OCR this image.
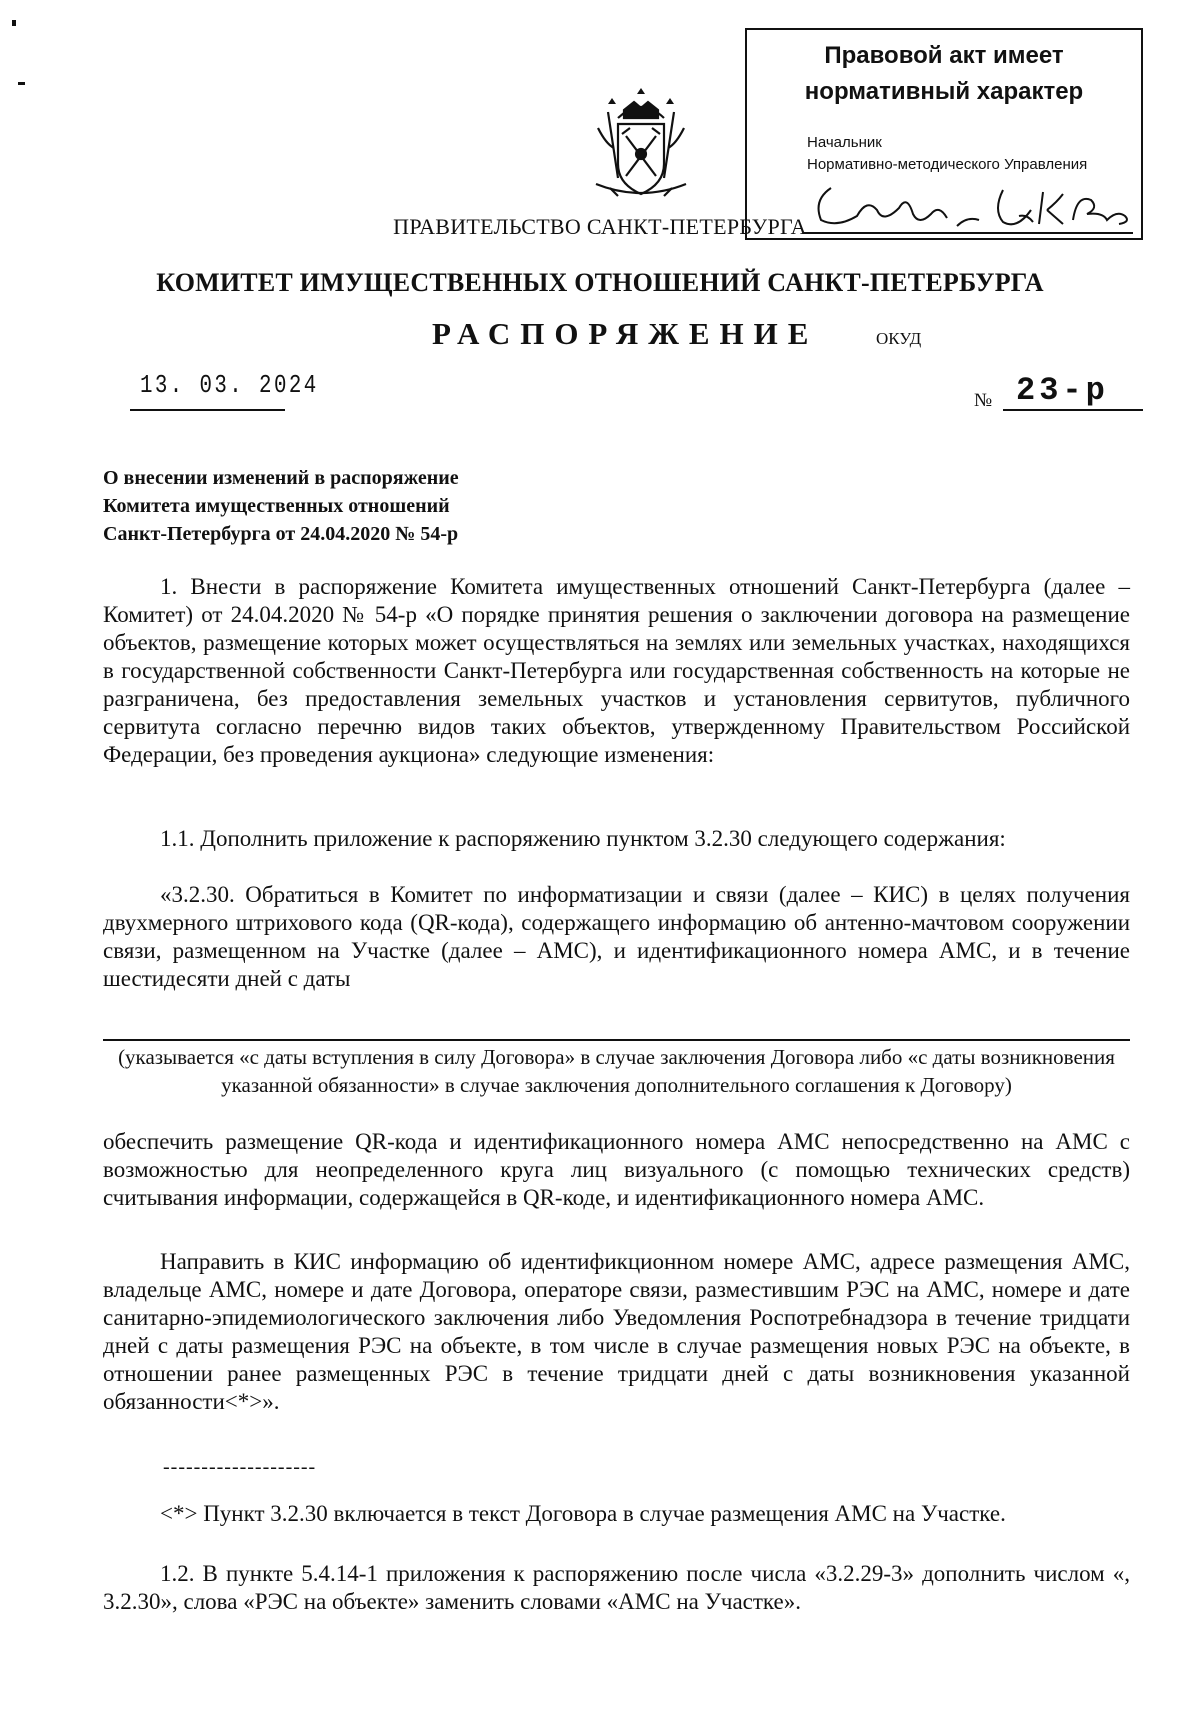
Правовой акт имеет
нормативный характер
Начальник
Нормативно-методического Управления
ПРАВИТЕЛЬСТВО САНКТ-ПЕТЕРБУРГА
КОМИТЕТ ИМУЩЕСТВЕННЫХ ОТНОШЕНИЙ САНКТ-ПЕТЕРБУРГА
РАСПОРЯЖЕНИЕ	ОКУД
13. 03. 2024
№ 23-р
О внесении изменений в распоряжение
Комитета имущественных отношений
Санкт-Петербурга от 24.04.2020 № 54-р
1. Внести в распоряжение Комитета имущественных отношений Санкт-Петербурга (далее – Комитет) от 24.04.2020 № 54-р «О порядке принятия решения о заключении договора на размещение объектов, размещение которых может осуществляться на землях или земельных участках, находящихся в государственной собственности Санкт-Петербурга или государственная собственность на которые не разграничена, без предоставления земельных участков и установления сервитутов, публичного сервитута согласно перечню видов таких объектов, утвержденному Правительством Российской Федерации, без проведения аукциона» следующие изменения:
1.1. Дополнить приложение к распоряжению пунктом 3.2.30 следующего содержания:
«3.2.30. Обратиться в Комитет по информатизации и связи (далее – КИС) в целях получения двухмерного штрихового кода (QR-кода), содержащего информацию об антенно-мачтовом сооружении связи, размещенном на Участке (далее – АМС), и идентификационного номера АМС, и в течение шестидесяти дней с даты
(указывается «с даты вступления в силу Договора» в случае заключения Договора либо «с даты возникновения указанной обязанности» в случае заключения дополнительного соглашения к Договору)
обеспечить размещение QR-кода и идентификационного номера АМС непосредственно на АМС с возможностью для неопределенного круга лиц визуального (с помощью технических средств) считывания информации, содержащейся в QR-коде, и идентификационного номера АМС.
Направить в КИС информацию об идентификционном номере АМС, адресе размещения АМС, владельце АМС, номере и дате Договора, операторе связи, разместившим РЭС на АМС, номере и дате санитарно-эпидемиологического заключения либо Уведомления Роспотребнадзора в течение тридцати дней с даты размещения РЭС на объекте, в том числе в случае размещения новых РЭС на объекте, в отношении ранее размещенных РЭС в течение тридцати дней с даты возникновения указанной обязанности<*>».
--------------------
<*> Пункт 3.2.30 включается в текст Договора в случае размещения АМС на Участке.
1.2. В пункте 5.4.14-1 приложения к распоряжению после числа «3.2.29-3» дополнить числом «, 3.2.30», слова «РЭС на объекте» заменить словами «АМС на Участке».
